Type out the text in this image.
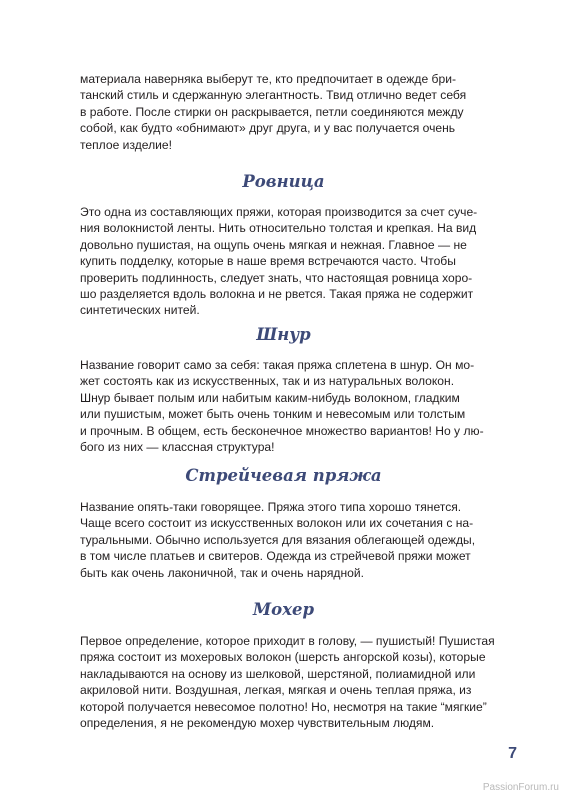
материала наверняка выберут те, кто предпочитает в одежде бри-
танский стиль и сдержанную элегантность. Твид отлично ведет себя
в работе. После стирки он раскрывается, петли соединяются между
собой, как будто «обнимают» друг друга, и у вас получается очень
теплое изделие!
Ровница
Это одна из составляющих пряжи, которая производится за счет суче-
ния волокнистой ленты. Нить относительно толстая и крепкая. На вид
довольно пушистая, на ощупь очень мягкая и нежная. Главное — не
купить подделку, которые в наше время встречаются часто. Чтобы
проверить подлинность, следует знать, что настоящая ровница хоро-
шо разделяется вдоль волокна и не рвется. Такая пряжа не содержит
синтетических нитей.
Шнур
Название говорит само за себя: такая пряжа сплетена в шнур. Он мо-
жет состоять как из искусственных, так и из натуральных волокон.
Шнур бывает полым или набитым каким-нибудь волокном, гладким
или пушистым, может быть очень тонким и невесомым или толстым
и прочным. В общем, есть бесконечное множество вариантов! Но у лю-
бого из них — классная структура!
Стрейчевая пряжа
Название опять-таки говорящее. Пряжа этого типа хорошо тянется.
Чаще всего состоит из искусственных волокон или их сочетания с на-
туральными. Обычно используется для вязания облегающей одежды,
в том числе платьев и свитеров. Одежда из стрейчевой пряжи может
быть как очень лаконичной, так и очень нарядной.
Мохер
Первое определение, которое приходит в голову, — пушистый! Пушистая
пряжа состоит из мохеровых волокон (шерсть ангорской козы), которые
накладываются на основу из шелковой, шерстяной, полиамидной или
акриловой нити. Воздушная, легкая, мягкая и очень теплая пряжа, из
которой получается невесомое полотно! Но, несмотря на такие “мягкие”
определения, я не рекомендую мохер чувствительным людям.
7
PassionForum.ru
